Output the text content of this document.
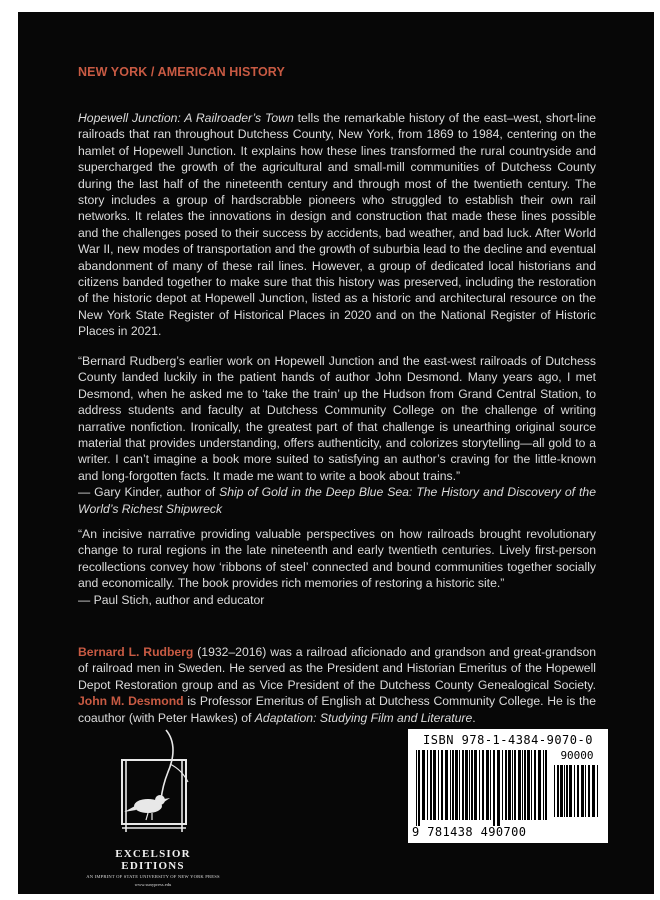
NEW YORK / AMERICAN HISTORY

Hopewell Junction: A Railroader’s Town tells the remarkable history of the east–west, short-line railroads that ran throughout Dutchess County, New York, from 1869 to 1984, centering on the hamlet of Hopewell Junction. It explains how these lines transformed the rural countryside and supercharged the growth of the agricultural and small-mill communities of Dutchess County during the last half of the nineteenth century and through most of the twentieth century. The story includes a group of hardscrabble pioneers who struggled to establish their own rail networks. It relates the innovations in design and construction that made these lines possible and the challenges posed to their success by accidents, bad weather, and bad luck. After World War II, new modes of transportation and the growth of suburbia lead to the decline and eventual abandonment of many of these rail lines. However, a group of dedicated local historians and citizens banded together to make sure that this history was preserved, including the restoration of the historic depot at Hopewell Junction, listed as a historic and architectural resource on the New York State Register of Historical Places in 2020 and on the National Register of Historic Places in 2021.

“Bernard Rudberg’s earlier work on Hopewell Junction and the east-west railroads of Dutchess County landed luckily in the patient hands of author John Desmond. Many years ago, I met Desmond, when he asked me to ‘take the train’ up the Hudson from Grand Central Station, to address students and faculty at Dutchess Community College on the challenge of writing narrative nonfiction. Ironically, the greatest part of that challenge is unearthing original source material that provides understanding, offers authenticity, and colorizes storytelling—all gold to a writer. I can’t imagine a book more suited to satisfying an author’s craving for the little-known and long-forgotten facts. It made me want to write a book about trains.”

— Gary Kinder, author of Ship of Gold in the Deep Blue Sea: The History and Discovery of the World’s Richest Shipwreck

“An incisive narrative providing valuable perspectives on how railroads brought revolutionary change to rural regions in the late nineteenth and early twentieth centuries. Lively first-person recollections convey how ‘ribbons of steel’ connected and bound communities together socially and economically. The book provides rich memories of restoring a historic site.”

— Paul Stich, author and educator

Bernard L. Rudberg (1932–2016) was a railroad aficionado and grandson and great-grandson of railroad men in Sweden. He served as the President and Historian Emeritus of the Hopewell Depot Restoration group and as Vice President of the Dutchess County Genealogical Society. John M. Desmond is Professor Emeritus of English at Dutchess Community College. He is the coauthor (with Peter Hawkes) of Adaptation: Studying Film and Literature.

EXCELSIOR
EDITIONS
AN IMPRINT OF STATE UNIVERSITY OF NEW YORK PRESS
www.sunypress.edu
ISBN 978-1-4384-9070-0
90000
9 781438 490700
